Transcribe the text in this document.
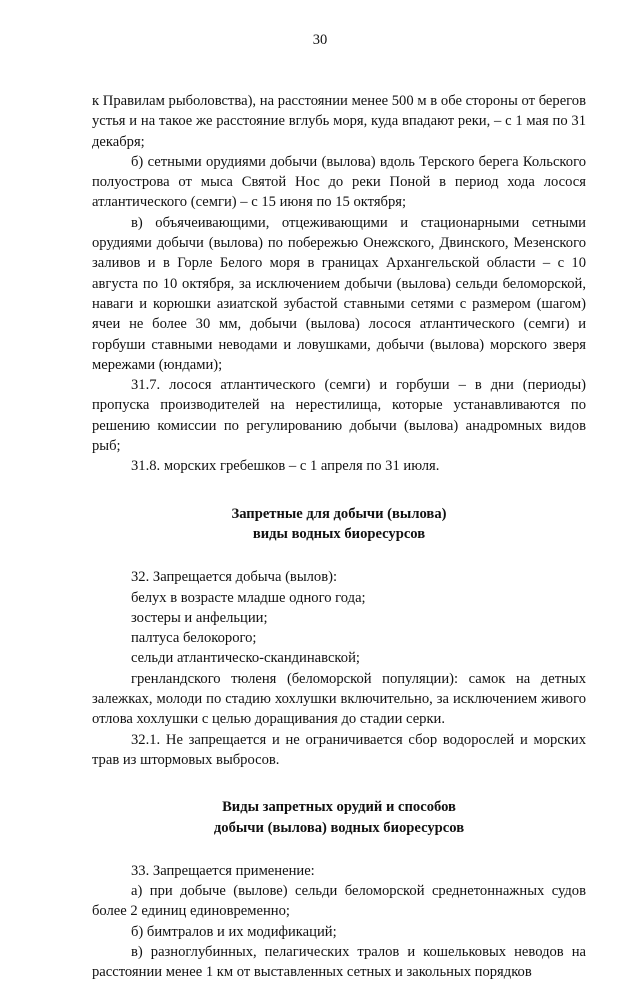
30

к Правилам рыболовства), на расстоянии менее 500 м в обе стороны от берегов устья и на такое же расстояние вглубь моря, куда впадают реки, – с 1 мая по 31 декабря;

б) сетными орудиями добычи (вылова) вдоль Терского берега Кольского полуострова от мыса Святой Нос до реки Поной в период хода лосося атлантического (семги) – с 15 июня по 15 октября;

в) объячеивающими, отцеживающими и стационарными сетными орудиями добычи (вылова) по побережью Онежского, Двинского, Мезенского заливов и в Горле Белого моря в границах Архангельской области – с 10 августа по 10 октября, за исключением добычи (вылова) сельди беломорской, наваги и корюшки азиатской зубастой ставными сетями с размером (шагом) ячеи не более 30 мм, добычи (вылова) лосося атлантического (семги) и горбуши ставными неводами и ловушками, добычи (вылова) морского зверя мережами (юндами);

31.7. лосося атлантического (семги) и горбуши – в дни (периоды) пропуска производителей на нерестилища, которые устанавливаются по решению комиссии по регулированию добычи (вылова) анадромных видов рыб;

31.8. морских гребешков – с 1 апреля по 31 июля.

Запретные для добычи (вылова)

виды водных биоресурсов

32. Запрещается добыча (вылов):

белух в возрасте младше одного года;

зостеры и анфельции;

палтуса белокорого;

сельди атлантическо-скандинавской;

гренландского тюленя (беломорской популяции): самок на детных залежках, молоди по стадию хохлушки включительно, за исключением живого отлова хохлушки с целью доращивания до стадии серки.

32.1. Не запрещается и не ограничивается сбор водорослей и морских трав из штормовых выбросов.

Виды запретных орудий и способов

добычи (вылова) водных биоресурсов

33. Запрещается применение:

а) при добыче (вылове) сельди беломорской среднетоннажных судов более 2 единиц единовременно;

б) бимтралов и их модификаций;

в) разноглубинных, пелагических тралов и кошельковых неводов на расстоянии менее 1 км от выставленных сетных и закольных порядков
